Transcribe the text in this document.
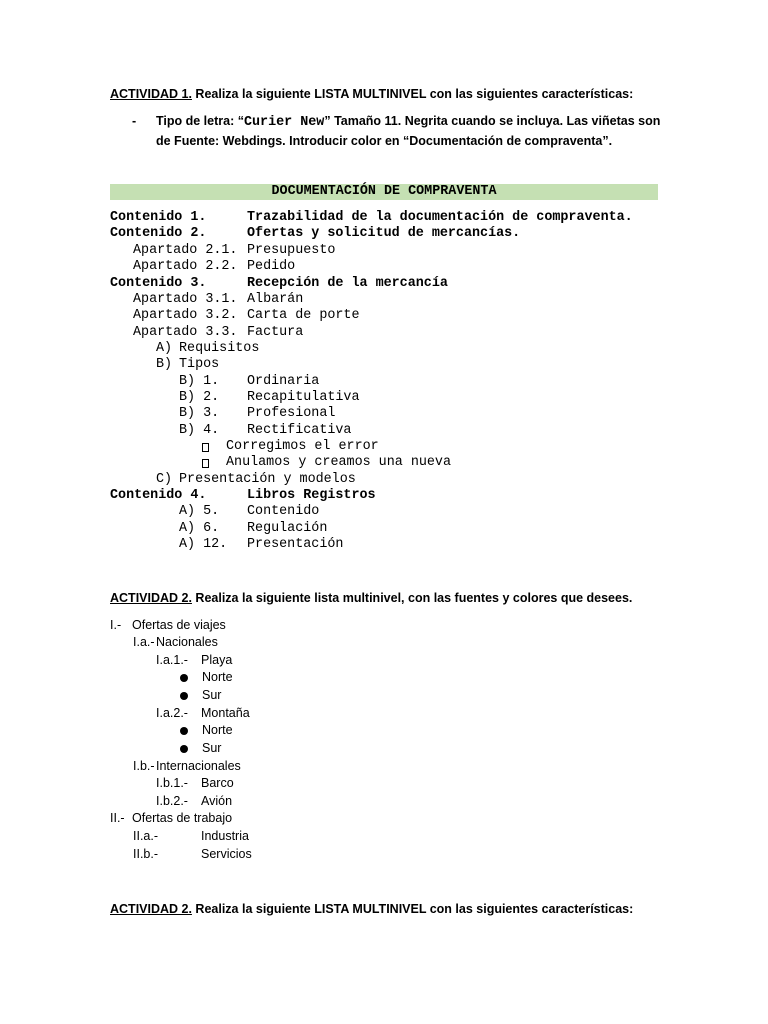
ACTIVIDAD 1. Realiza la siguiente LISTA MULTINIVEL con las siguientes características:
- Tipo de letra: “Curier New” Tamaño 11. Negrita cuando se incluya. Las viñetas son
de Fuente: Webdings. Introducir color en “Documentación de compraventa”.
DOCUMENTACIÓN DE COMPRAVENTA
Contenido 1.	Trazabilidad de la documentación de compraventa.
Contenido 2.	Ofertas y solicitud de mercancías.
Apartado 2.1. Presupuesto
Apartado 2.2. Pedido
Contenido 3.	Recepción de la mercancía
Apartado 3.1. Albarán
Apartado 3.2. Carta de porte
Apartado 3.3. Factura
A) Requisitos
B) Tipos
B) 1. Ordinaria
B) 2. Recapitulativa
B) 3. Profesional
B) 4. Rectificativa
Corregimos el error
Anulamos y creamos una nueva
C) Presentación y modelos
Contenido 4.	Libros Registros
A) 5. Contenido
A) 6. Regulación
A) 12. Presentación
ACTIVIDAD 2. Realiza la siguiente lista multinivel, con las fuentes y colores que desees.
I.- Ofertas de viajes
I.a.- Nacionales
I.a.1.- Playa
Norte
Sur
I.a.2.- Montaña
Norte
Sur
I.b.- Internacionales
I.b.1.- Barco
I.b.2.- Avión
II.- Ofertas de trabajo
II.a.-	Industria
II.b.-	Servicios
ACTIVIDAD 2. Realiza la siguiente LISTA MULTINIVEL con las siguientes características:
